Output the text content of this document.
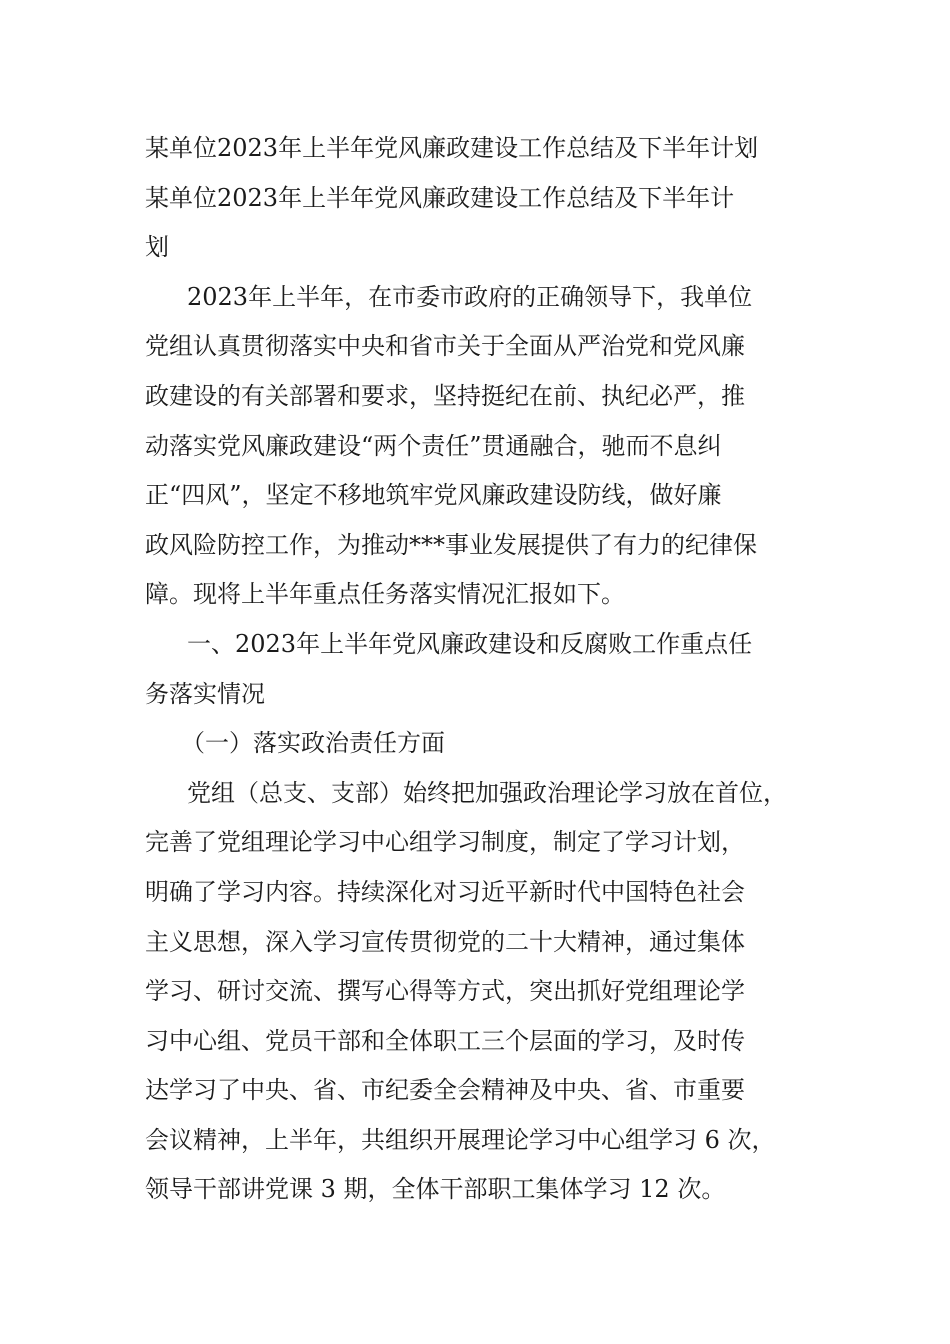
某单位2023年上半年党风廉政建设工作总结及下半年计划
某单位2023年上半年党风廉政建设工作总结及下半年计
划
2023年上半年，在市委市政府的正确领导下，我单位
党组认真贯彻落实中央和省市关于全面从严治党和党风廉
政建设的有关部署和要求，坚持挺纪在前、执纪必严，推
动落实党风廉政建设“两个责任”贯通融合，驰而不息纠
正“四风”，坚定不移地筑牢党风廉政建设防线，做好廉
政风险防控工作，为推动***事业发展提供了有力的纪律保
障。现将上半年重点任务落实情况汇报如下。
一、2023年上半年党风廉政建设和反腐败工作重点任
务落实情况
（一）落实政治责任方面
党组（总支、支部）始终把加强政治理论学习放在首位，
完善了党组理论学习中心组学习制度，制定了学习计划，
明确了学习内容。持续深化对习近平新时代中国特色社会
主义思想，深入学习宣传贯彻党的二十大精神，通过集体
学习、研讨交流、撰写心得等方式，突出抓好党组理论学
习中心组、党员干部和全体职工三个层面的学习，及时传
达学习了中央、省、市纪委全会精神及中央、省、市重要
会议精神，上半年，共组织开展理论学习中心组学习 6 次，
领导干部讲党课 3 期，全体干部职工集体学习 12 次。
